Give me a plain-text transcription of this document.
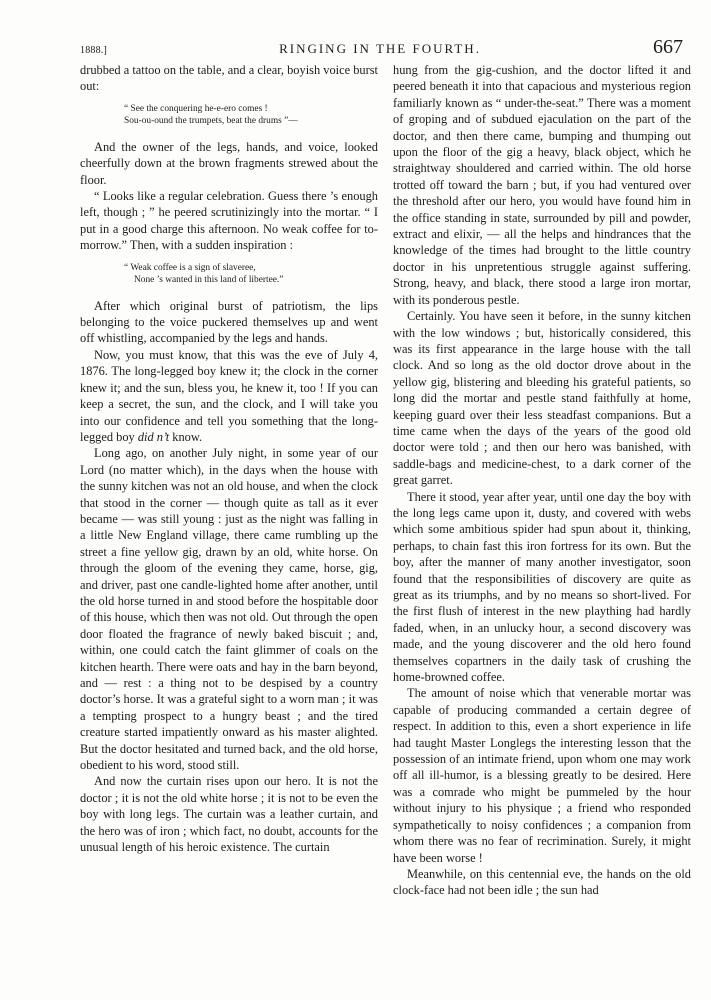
1888.]	RINGING IN THE FOURTH.	667

drubbed a tattoo on the table, and a clear, boyish voice burst out:

“ See the conquering he-e-ero comes !
Sou-ou-ound the trumpets, beat the drums ”—

And the owner of the legs, hands, and voice, looked cheerfully down at the brown fragments strewed about the floor.

“ Looks like a regular celebration. Guess there ’s enough left, though ; ” he peered scrutinizingly into the mortar. “ I put in a good charge this afternoon. No weak coffee for to-morrow.” Then, with a sudden inspiration :

“ Weak coffee is a sign of slaveree,
None ’s wanted in this land of libertee.”

After which original burst of patriotism, the lips belonging to the voice puckered themselves up and went off whistling, accompanied by the legs and hands.

Now, you must know, that this was the eve of July 4, 1876. The long-legged boy knew it; the clock in the corner knew it; and the sun, bless you, he knew it, too ! If you can keep a secret, the sun, and the clock, and I will take you into our confidence and tell you something that the long-legged boy did n’t know.

Long ago, on another July night, in some year of our Lord (no matter which), in the days when the house with the sunny kitchen was not an old house, and when the clock that stood in the corner — though quite as tall as it ever became — was still young : just as the night was falling in a little New England village, there came rumbling up the street a fine yellow gig, drawn by an old, white horse. On through the gloom of the evening they came, horse, gig, and driver, past one candle-lighted home after another, until the old horse turned in and stood before the hospitable door of this house, which then was not old. Out through the open door floated the fragrance of newly baked biscuit ; and, within, one could catch the faint glimmer of coals on the kitchen hearth. There were oats and hay in the barn beyond, and — rest : a thing not to be despised by a country doctor’s horse. It was a grateful sight to a worn man ; it was a tempting prospect to a hungry beast ; and the tired creature started impatiently onward as his master alighted. But the doctor hesitated and turned back, and the old horse, obedient to his word, stood still.

And now the curtain rises upon our hero. It is not the doctor ; it is not the old white horse ; it is not to be even the boy with long legs. The curtain was a leather curtain, and the hero was of iron ; which fact, no doubt, accounts for the unusual length of his heroic existence. The curtain

hung from the gig-cushion, and the doctor lifted it and peered beneath it into that capacious and mysterious region familiarly known as “ under-the-seat.” There was a moment of groping and of subdued ejaculation on the part of the doctor, and then there came, bumping and thumping out upon the floor of the gig a heavy, black object, which he straightway shouldered and carried within. The old horse trotted off toward the barn ; but, if you had ventured over the threshold after our hero, you would have found him in the office standing in state, surrounded by pill and powder, extract and elixir, — all the helps and hindrances that the knowledge of the times had brought to the little country doctor in his unpretentious struggle against suffering. Strong, heavy, and black, there stood a large iron mortar, with its ponderous pestle.

Certainly. You have seen it before, in the sunny kitchen with the low windows ; but, historically considered, this was its first appearance in the large house with the tall clock. And so long as the old doctor drove about in the yellow gig, blistering and bleeding his grateful patients, so long did the mortar and pestle stand faithfully at home, keeping guard over their less steadfast companions. But a time came when the days of the years of the good old doctor were told ; and then our hero was banished, with saddle-bags and medicine-chest, to a dark corner of the great garret.

There it stood, year after year, until one day the boy with the long legs came upon it, dusty, and covered with webs which some ambitious spider had spun about it, thinking, perhaps, to chain fast this iron fortress for its own. But the boy, after the manner of many another investigator, soon found that the responsibilities of discovery are quite as great as its triumphs, and by no means so short-lived. For the first flush of interest in the new plaything had hardly faded, when, in an unlucky hour, a second discovery was made, and the young discoverer and the old hero found themselves copartners in the daily task of crushing the home-browned coffee.

The amount of noise which that venerable mortar was capable of producing commanded a certain degree of respect. In addition to this, even a short experience in life had taught Master Longlegs the interesting lesson that the possession of an intimate friend, upon whom one may work off all ill-humor, is a blessing greatly to be desired. Here was a comrade who might be pummeled by the hour without injury to his physique ; a friend who responded sympathetically to noisy confidences ; a companion from whom there was no fear of recrimination. Surely, it might have been worse !

Meanwhile, on this centennial eve, the hands on the old clock-face had not been idle ; the sun had
